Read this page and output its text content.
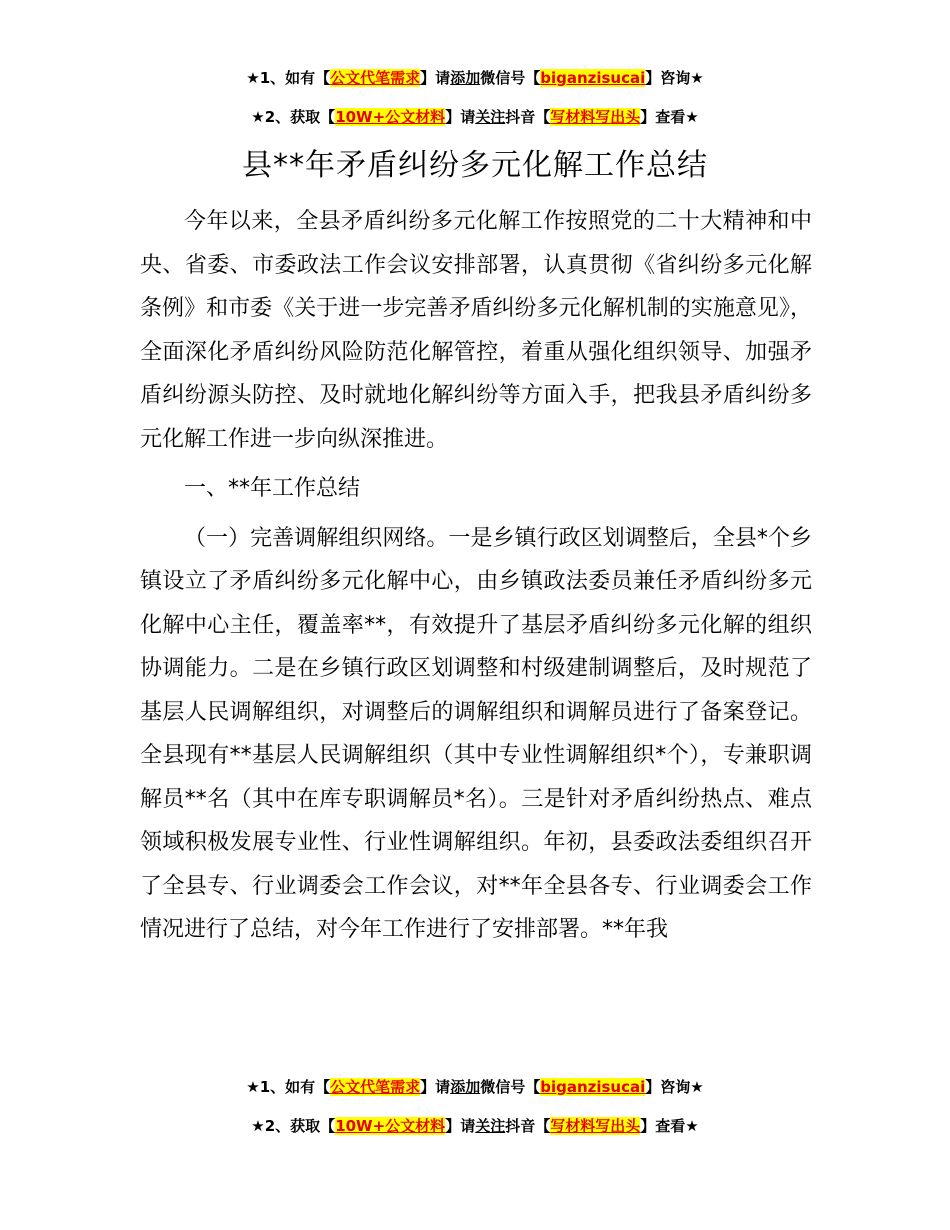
★1、如有【公文代笔需求】请添加微信号【biganzisucai】咨询★
★2、获取【10W+公文材料】请关注抖音【写材料写出头】查看★
县**年矛盾纠纷多元化解工作总结

今年以来，全县矛盾纠纷多元化解工作按照党的二十大精神和中央、省委、市委政法工作会议安排部署，认真贯彻《省纠纷多元化解条例》和市委《关于进一步完善矛盾纠纷多元化解机制的实施意见》，全面深化矛盾纠纷风险防范化解管控，着重从强化组织领导、加强矛盾纠纷源头防控、及时就地化解纠纷等方面入手，把我县矛盾纠纷多元化解工作进一步向纵深推进。

一、**年工作总结

（一）完善调解组织网络。一是乡镇行政区划调整后，全县*个乡镇设立了矛盾纠纷多元化解中心，由乡镇政法委员兼任矛盾纠纷多元化解中心主任，覆盖率**，有效提升了基层矛盾纠纷多元化解的组织协调能力。二是在乡镇行政区划调整和村级建制调整后，及时规范了基层人民调解组织，对调整后的调解组织和调解员进行了备案登记。全县现有**基层人民调解组织（其中专业性调解组织*个），专兼职调解员**名（其中在库专职调解员*名）。三是针对矛盾纠纷热点、难点领域积极发展专业性、行业性调解组织。年初，县委政法委组织召开了全县专、行业调委会工作会议，对**年全县各专、行业调委会工作情况进行了总结，对今年工作进行了安排部署。**年我

★1、如有【公文代笔需求】请添加微信号【biganzisucai】咨询★
★2、获取【10W+公文材料】请关注抖音【写材料写出头】查看★
